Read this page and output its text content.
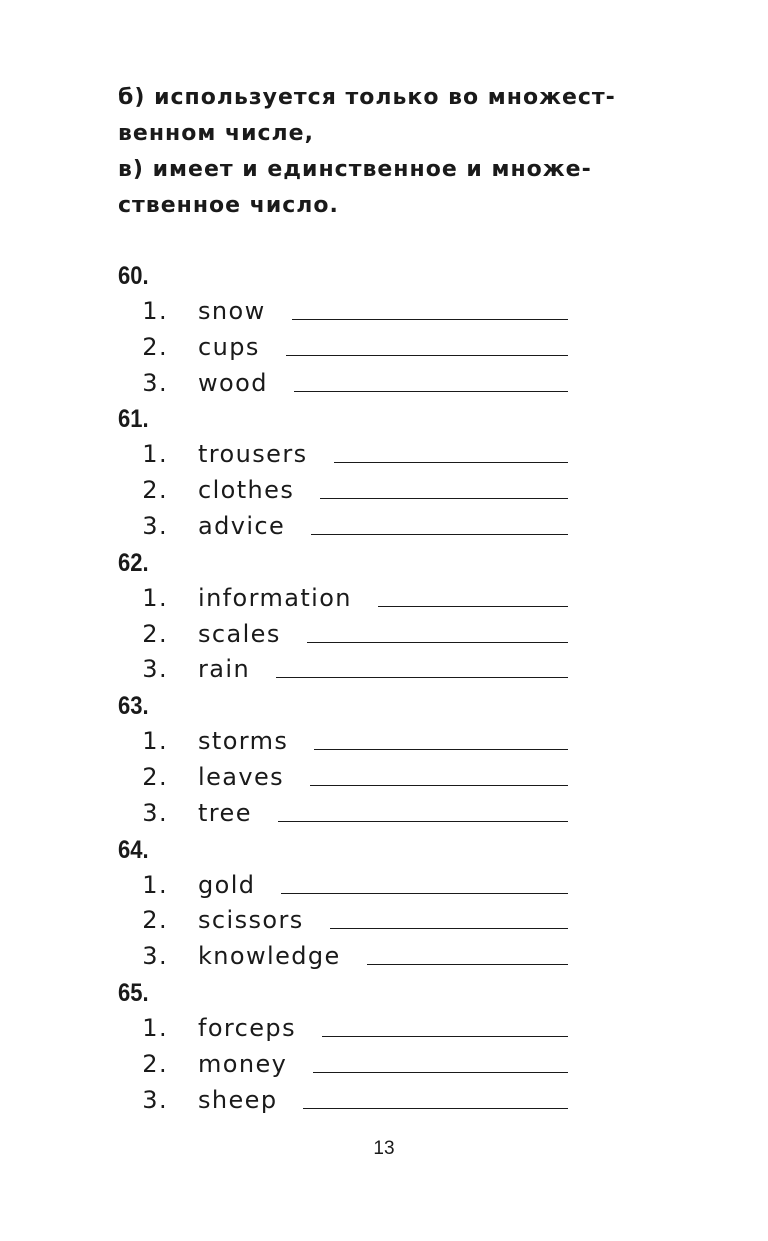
б) используется только во множест-
венном числе,
в) имеет и единственное и множе-
ственное число.
60.
1.	snow
2.	cups
3.	wood
61.
1.	trousers
2.	clothes
3.	advice
62.
1.	information
2.	scales
3.	rain
63.
1.	storms
2.	leaves
3.	tree
64.
1.	gold
2.	scissors
3.	knowledge
65.
1.	forceps
2.	money
3.	sheep
13
